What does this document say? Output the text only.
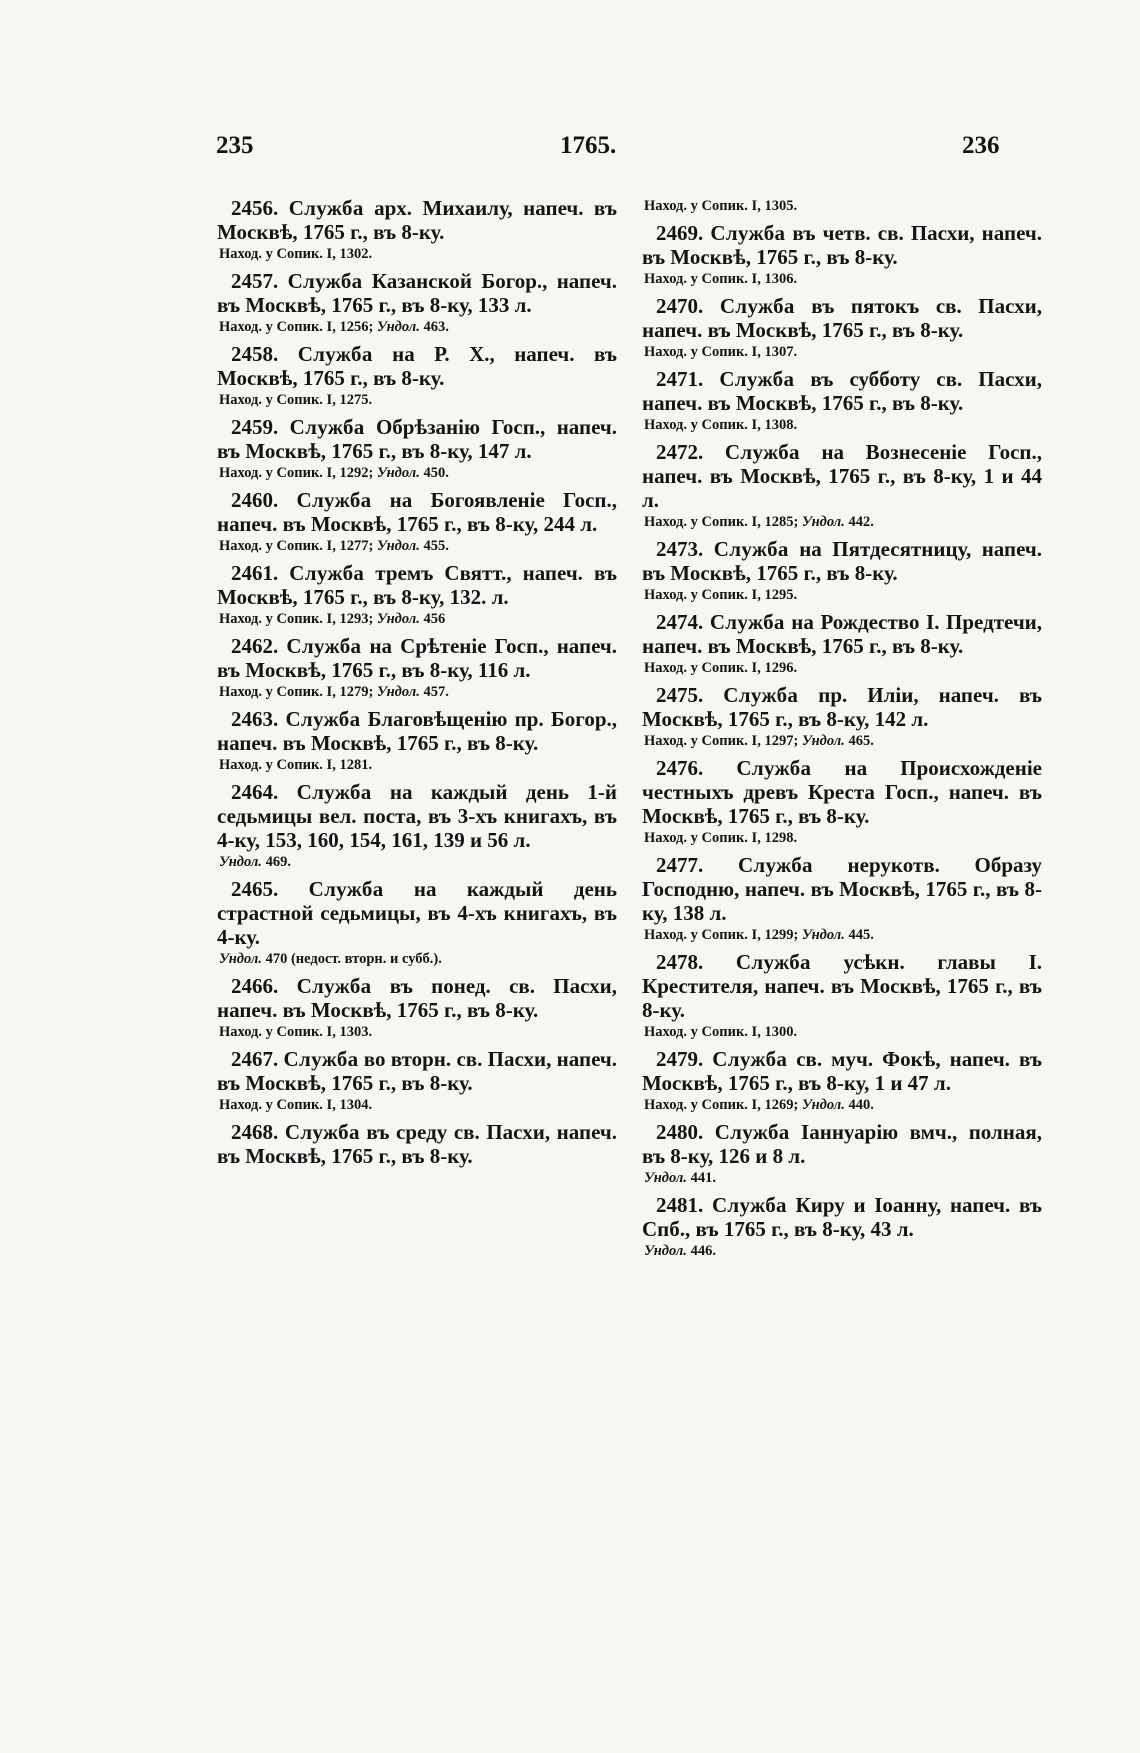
235	1765.	236

2456. Служба арх. Михаилу, напеч. въ Москвѣ, 1765 г., въ 8-ку.

Наход. у Сопик. I, 1302.

2457. Служба Казанской Богор., напеч. въ Москвѣ, 1765 г., въ 8-ку, 133 л.

Наход. у Сопик. I, 1256; Ундол. 463.

2458. Служба на Р. Х., напеч. въ Москвѣ, 1765 г., въ 8-ку.

Наход. у Сопик. I, 1275.

2459. Служба Обрѣзанію Госп., напеч. въ Москвѣ, 1765 г., въ 8-ку, 147 л.

Наход. у Сопик. I, 1292; Ундол. 450.

2460. Служба на Богоявленіе Госп., напеч. въ Москвѣ, 1765 г., въ 8-ку, 244 л.

Наход. у Сопик. I, 1277; Ундол. 455.

2461. Служба тремъ Святт., напеч. въ Москвѣ, 1765 г., въ 8-ку, 132. л.

Наход. у Сопик. I, 1293; Ундол. 456

2462. Служба на Срѣтеніе Госп., напеч. въ Москвѣ, 1765 г., въ 8-ку, 116 л.

Наход. у Сопик. I, 1279; Ундол. 457.

2463. Служба Благовѣщенію пр. Богор., напеч. въ Москвѣ, 1765 г., въ 8-ку.

Наход. у Сопик. I, 1281.

2464. Служба на каждый день 1-й седьмицы вел. поста, въ 3-хъ книгахъ, въ 4-ку, 153, 160, 154, 161, 139 и 56 л.

Ундол. 469.

2465. Служба на каждый день страстной седьмицы, въ 4-хъ книгахъ, въ 4-ку.

Ундол. 470 (недост. вторн. и субб.).

2466. Служба въ понед. св. Пасхи, напеч. въ Москвѣ, 1765 г., въ 8-ку.

Наход. у Сопик. I, 1303.

2467. Служба во вторн. св. Пасхи, напеч. въ Москвѣ, 1765 г., въ 8-ку.

Наход. у Сопик. I, 1304.

2468. Служба въ среду св. Пасхи, напеч. въ Москвѣ, 1765 г., въ 8-ку.

Наход. у Сопик. I, 1305.

2469. Служба въ четв. св. Пасхи, напеч. въ Москвѣ, 1765 г., въ 8-ку.

Наход. у Сопик. I, 1306.

2470. Служба въ пятокъ св. Пасхи, напеч. въ Москвѣ, 1765 г., въ 8-ку.

Наход. у Сопик. I, 1307.

2471. Служба въ субботу св. Пасхи, напеч. въ Москвѣ, 1765 г., въ 8-ку.

Наход. у Сопик. I, 1308.

2472. Служба на Вознесеніе Госп., напеч. въ Москвѣ, 1765 г., въ 8-ку, 1 и 44 л.

Наход. у Сопик. I, 1285; Ундол. 442.

2473. Служба на Пятдесятницу, напеч. въ Москвѣ, 1765 г., въ 8-ку.

Наход. у Сопик. I, 1295.

2474. Служба на Рождество I. Предтечи, напеч. въ Москвѣ, 1765 г., въ 8-ку.

Наход. у Сопик. I, 1296.

2475. Служба пр. Иліи, напеч. въ Москвѣ, 1765 г., въ 8-ку, 142 л.

Наход. у Сопик. I, 1297; Ундол. 465.

2476. Служба на Происхожденіе честныхъ древъ Креста Госп., напеч. въ Москвѣ, 1765 г., въ 8-ку.

Наход. у Сопик. I, 1298.

2477. Служба нерукотв. Образу Господню, напеч. въ Москвѣ, 1765 г., въ 8-ку, 138 л.

Наход. у Сопик. I, 1299; Ундол. 445.

2478. Служба усѣкн. главы I. Крестителя, напеч. въ Москвѣ, 1765 г., въ 8-ку.

Наход. у Сопик. I, 1300.

2479. Служба св. муч. Фокѣ, напеч. въ Москвѣ, 1765 г., въ 8-ку, 1 и 47 л.

Наход. у Сопик. I, 1269; Ундол. 440.

2480. Служба Іаннуарію вмч., полная, въ 8-ку, 126 и 8 л.

Ундол. 441.

2481. Служба Киру и Іоанну, напеч. въ Спб., въ 1765 г., въ 8-ку, 43 л.

Ундол. 446.
